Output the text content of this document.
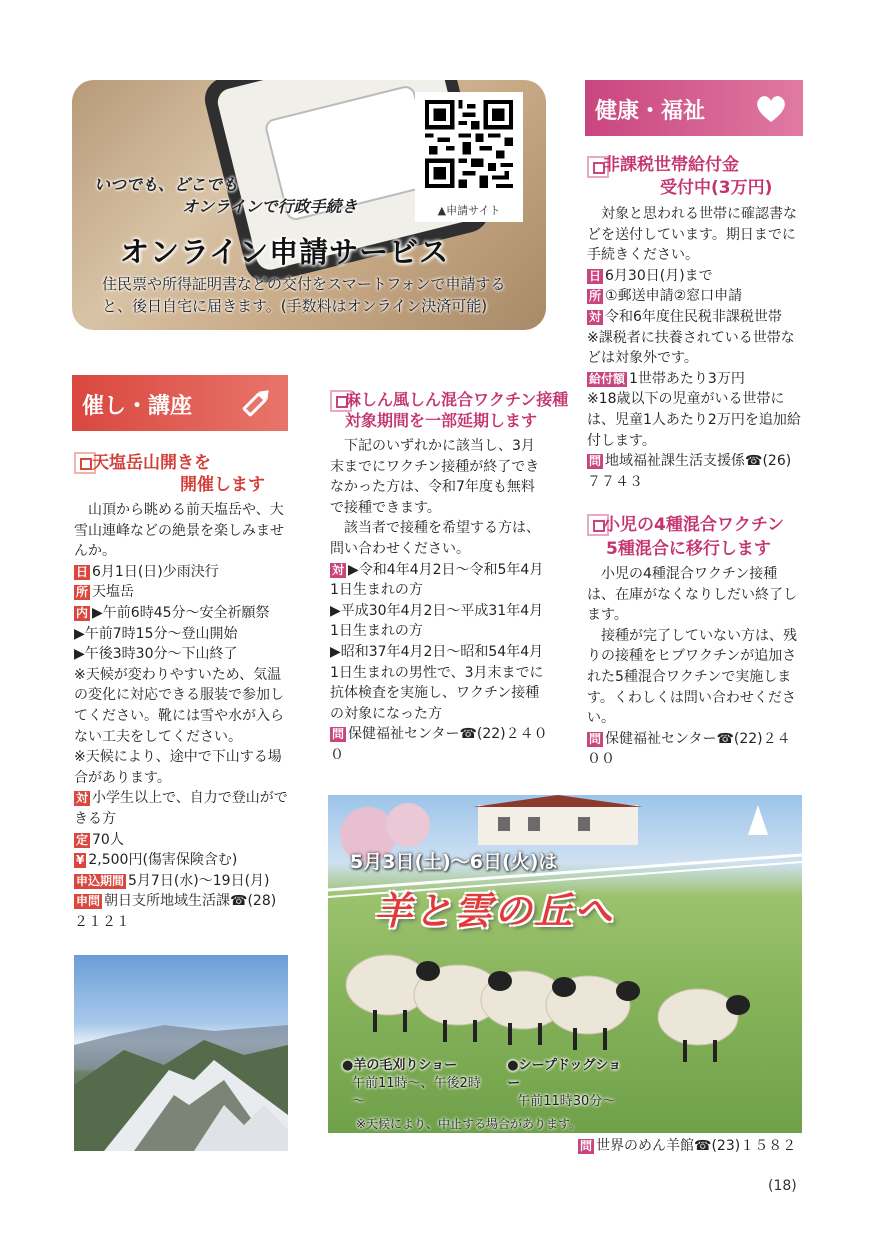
いつでも、どこでも
オンラインで行政手続き
オンライン申請サービス
住民票や所得証明書などの交付をスマートフォンで申請すると、後日自宅に届きます。(手数料はオンライン決済可能)
▲申請サイト
催し・講座
健康・福祉
天塩岳山開きを
開催します

山頂から眺める前天塩岳や、大雪山連峰などの絶景を楽しみませんか。

日 6月1日(日)少雨決行

所 天塩岳

内 ▶午前6時45分～安全祈願祭

▶午前7時15分～登山開始

▶午後3時30分～下山終了

※天候が変わりやすいため、気温の変化に対応できる服装で参加してください。靴には雪や水が入らない工夫をしてください。

※天候により、途中で下山する場合があります。

対 小学生以上で、自力で登山ができる方

定 70人

¥ 2,500円(傷害保険含む)

申込期間 5月7日(水)～19日(月)

申問 朝日支所地域生活課☎(28)２１２１

麻しん風しん混合ワクチン接種
対象期間を一部延期します

下記のいずれかに該当し、3月末までにワクチン接種が終了できなかった方は、令和7年度も無料で接種できます。

該当者で接種を希望する方は、問い合わせください。

対 ▶令和4年4月2日～令和5年4月1日生まれの方

▶平成30年4月2日～平成31年4月1日生まれの方

▶昭和37年4月2日～昭和54年4月1日生まれの男性で、3月末までに抗体検査を実施し、ワクチン接種の対象になった方

問 保健福祉センター☎(22)２４００

非課税世帯給付金
受付中(3万円)

対象と思われる世帯に確認書などを送付しています。期日までに手続きください。

日 6月30日(月)まで

所 ①郵送申請②窓口申請

対 令和6年度住民税非課税世帯

※課税者に扶養されている世帯などは対象外です。

給付額 1世帯あたり3万円

※18歳以下の児童がいる世帯には、児童1人あたり2万円を追加給付します。

問 地域福祉課生活支援係☎(26)７７４３

小児の4種混合ワクチン
5種混合に移行します

小児の4種混合ワクチン接種は、在庫がなくなりしだい終了します。

接種が完了していない方は、残りの接種をヒブワクチンが追加された5種混合ワクチンで実施します。くわしくは問い合わせください。

問 保健福祉センター☎(22)２４００

5月3日(土)～6日(火)は
羊と雲の丘へ
●羊の毛刈りショー
午前11時～、午後2時～
●シープドッグショー
午前11時30分～
※天候により、中止する場合があります。
問 世界のめん羊館☎(23)１５８２
(18)
